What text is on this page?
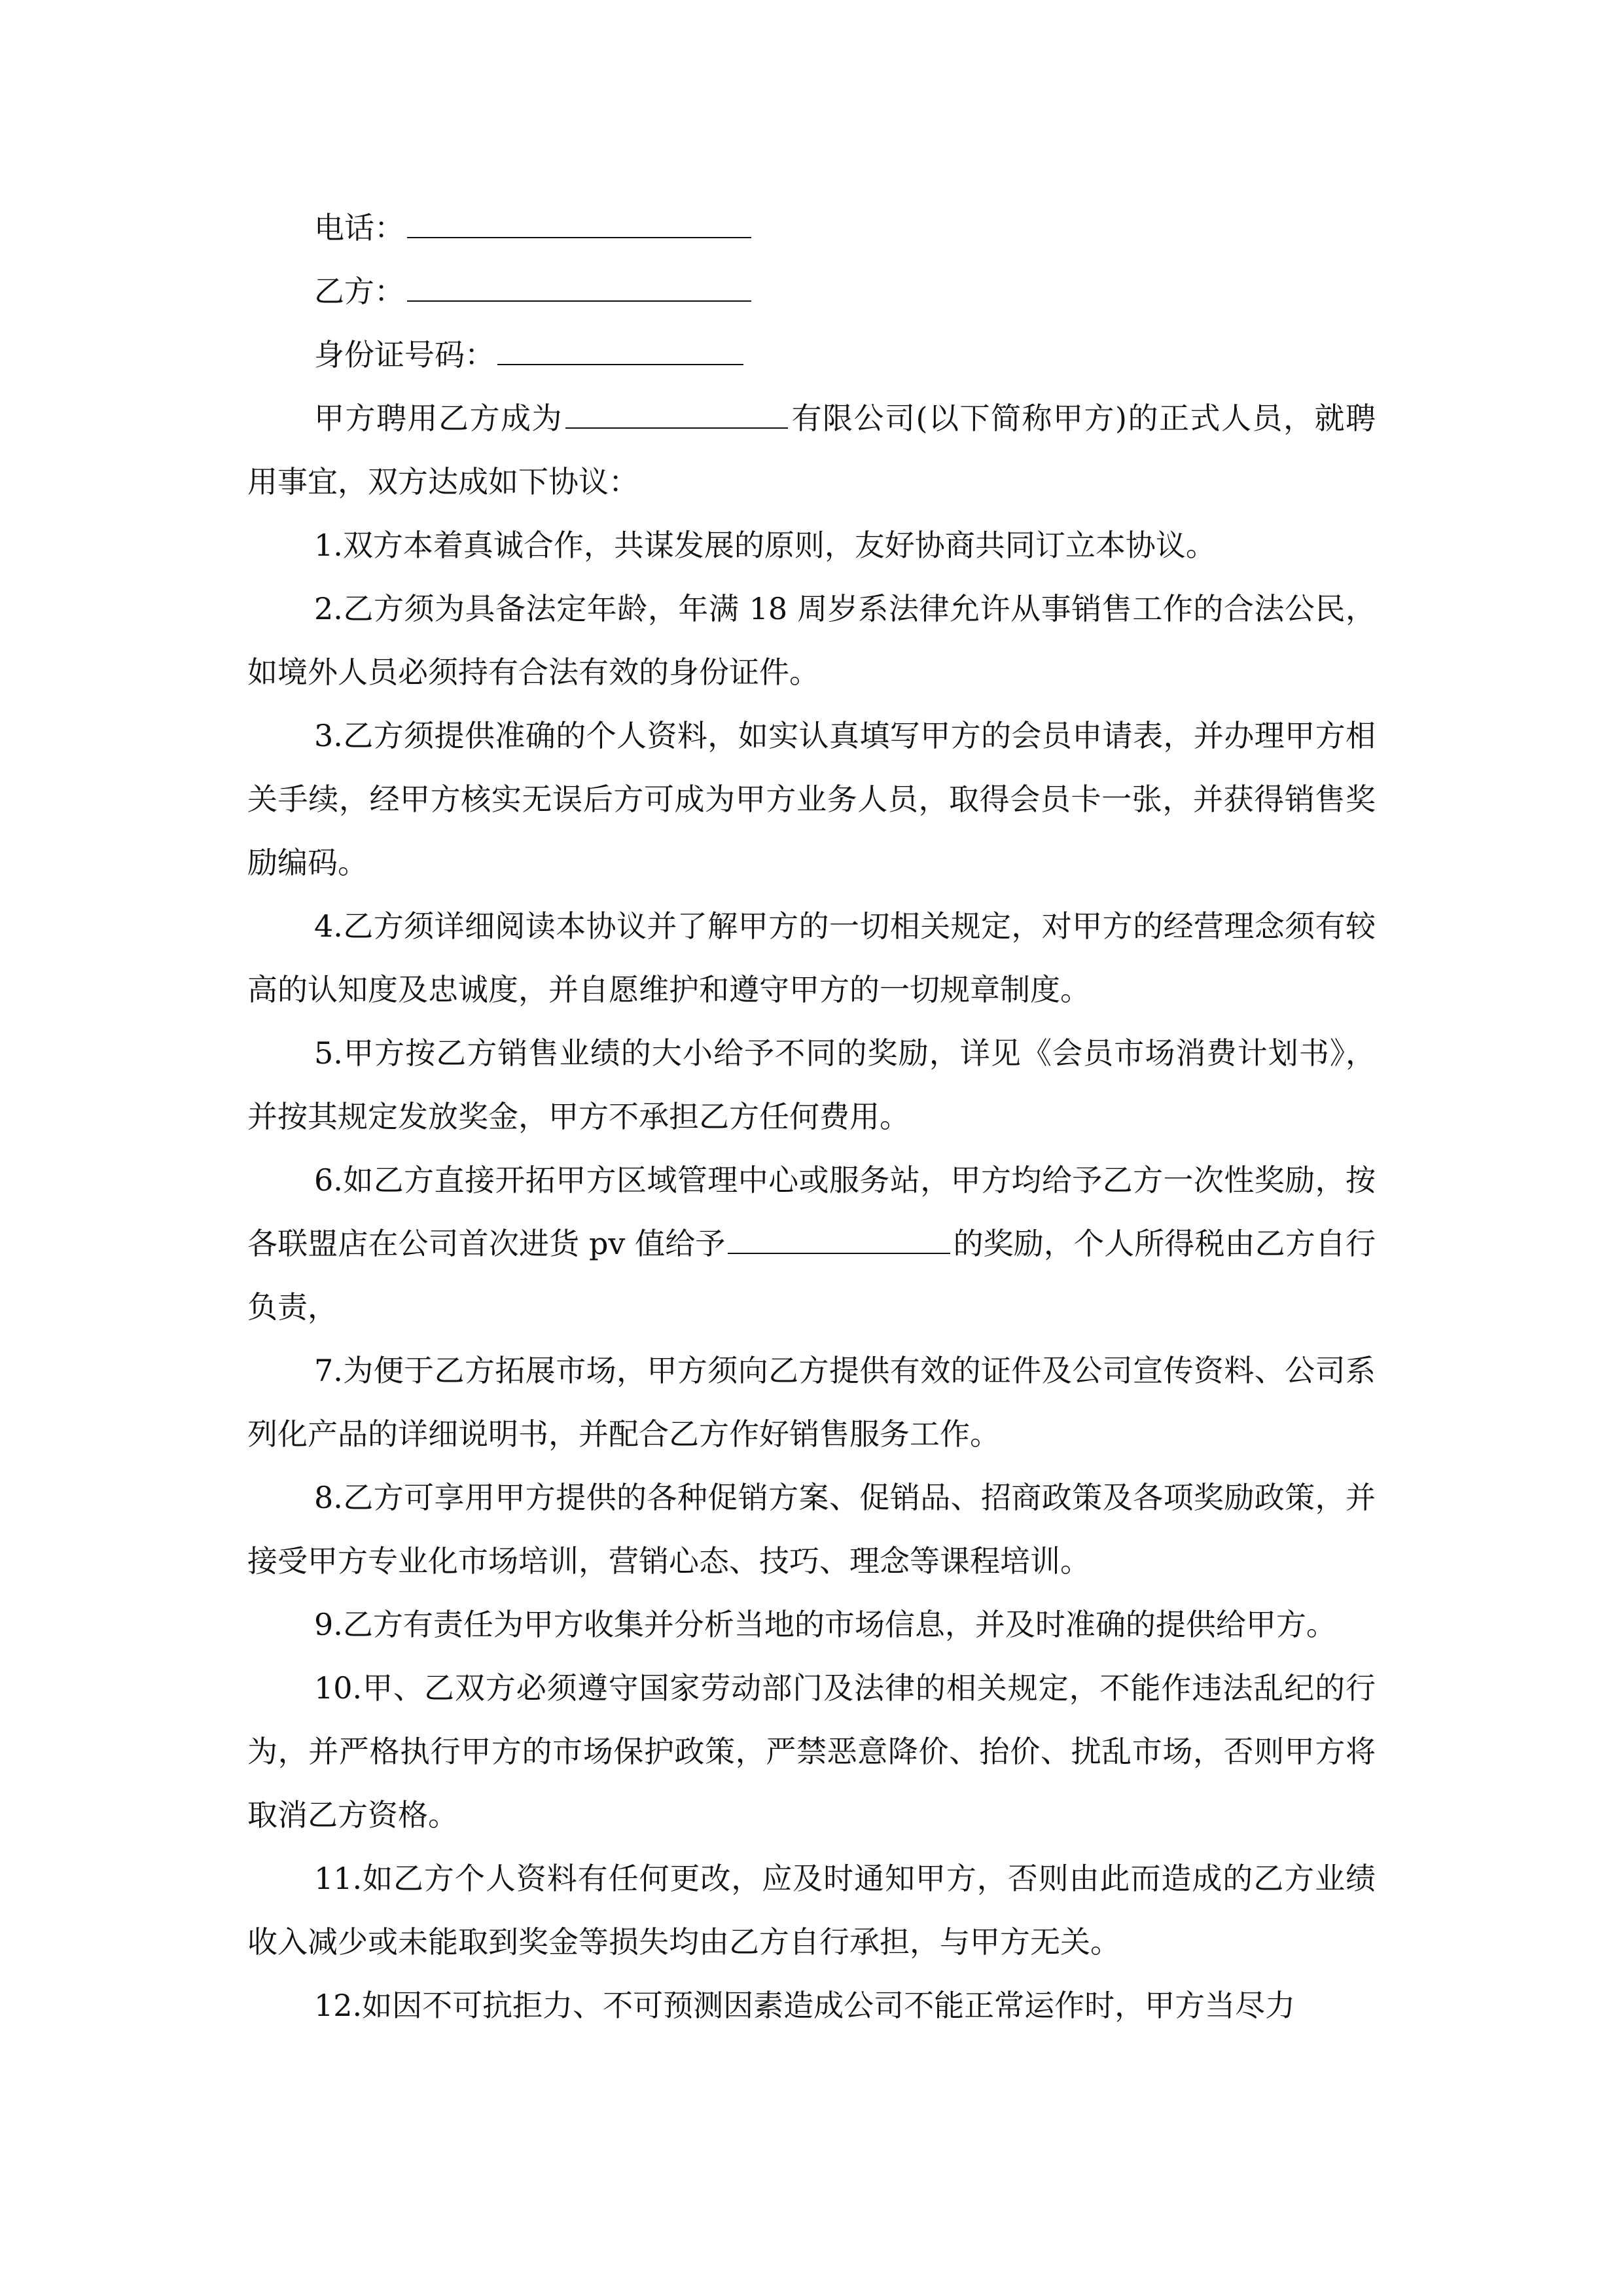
电话：

乙方：

身份证号码：

甲方聘用乙方成为	有限公司(以下简称甲方)的正式人员，就聘用事宜，双方达成如下协议：

1.双方本着真诚合作，共谋发展的原则，友好协商共同订立本协议。

2.乙方须为具备法定年龄，年满 18 周岁系法律允许从事销售工作的合法公民，如境外人员必须持有合法有效的身份证件。

3.乙方须提供准确的个人资料，如实认真填写甲方的会员申请表，并办理甲方相关手续，经甲方核实无误后方可成为甲方业务人员，取得会员卡一张，并获得销售奖励编码。

4.乙方须详细阅读本协议并了解甲方的一切相关规定，对甲方的经营理念须有较高的认知度及忠诚度，并自愿维护和遵守甲方的一切规章制度。

5.甲方按乙方销售业绩的大小给予不同的奖励，详见《会员市场消费计划书》，并按其规定发放奖金，甲方不承担乙方任何费用。

6.如乙方直接开拓甲方区域管理中心或服务站，甲方均给予乙方一次性奖励，按各联盟店在公司首次进货 pv 值给予	的奖励，个人所得税由乙方自行负责，

7.为便于乙方拓展市场，甲方须向乙方提供有效的证件及公司宣传资料、公司系列化产品的详细说明书，并配合乙方作好销售服务工作。

8.乙方可享用甲方提供的各种促销方案、促销品、招商政策及各项奖励政策，并接受甲方专业化市场培训，营销心态、技巧、理念等课程培训。

9.乙方有责任为甲方收集并分析当地的市场信息，并及时准确的提供给甲方。

10.甲、乙双方必须遵守国家劳动部门及法律的相关规定，不能作违法乱纪的行为，并严格执行甲方的市场保护政策，严禁恶意降价、抬价、扰乱市场，否则甲方将取消乙方资格。

11.如乙方个人资料有任何更改，应及时通知甲方，否则由此而造成的乙方业绩收入减少或未能取到奖金等损失均由乙方自行承担，与甲方无关。

12.如因不可抗拒力、不可预测因素造成公司不能正常运作时，甲方当尽力
